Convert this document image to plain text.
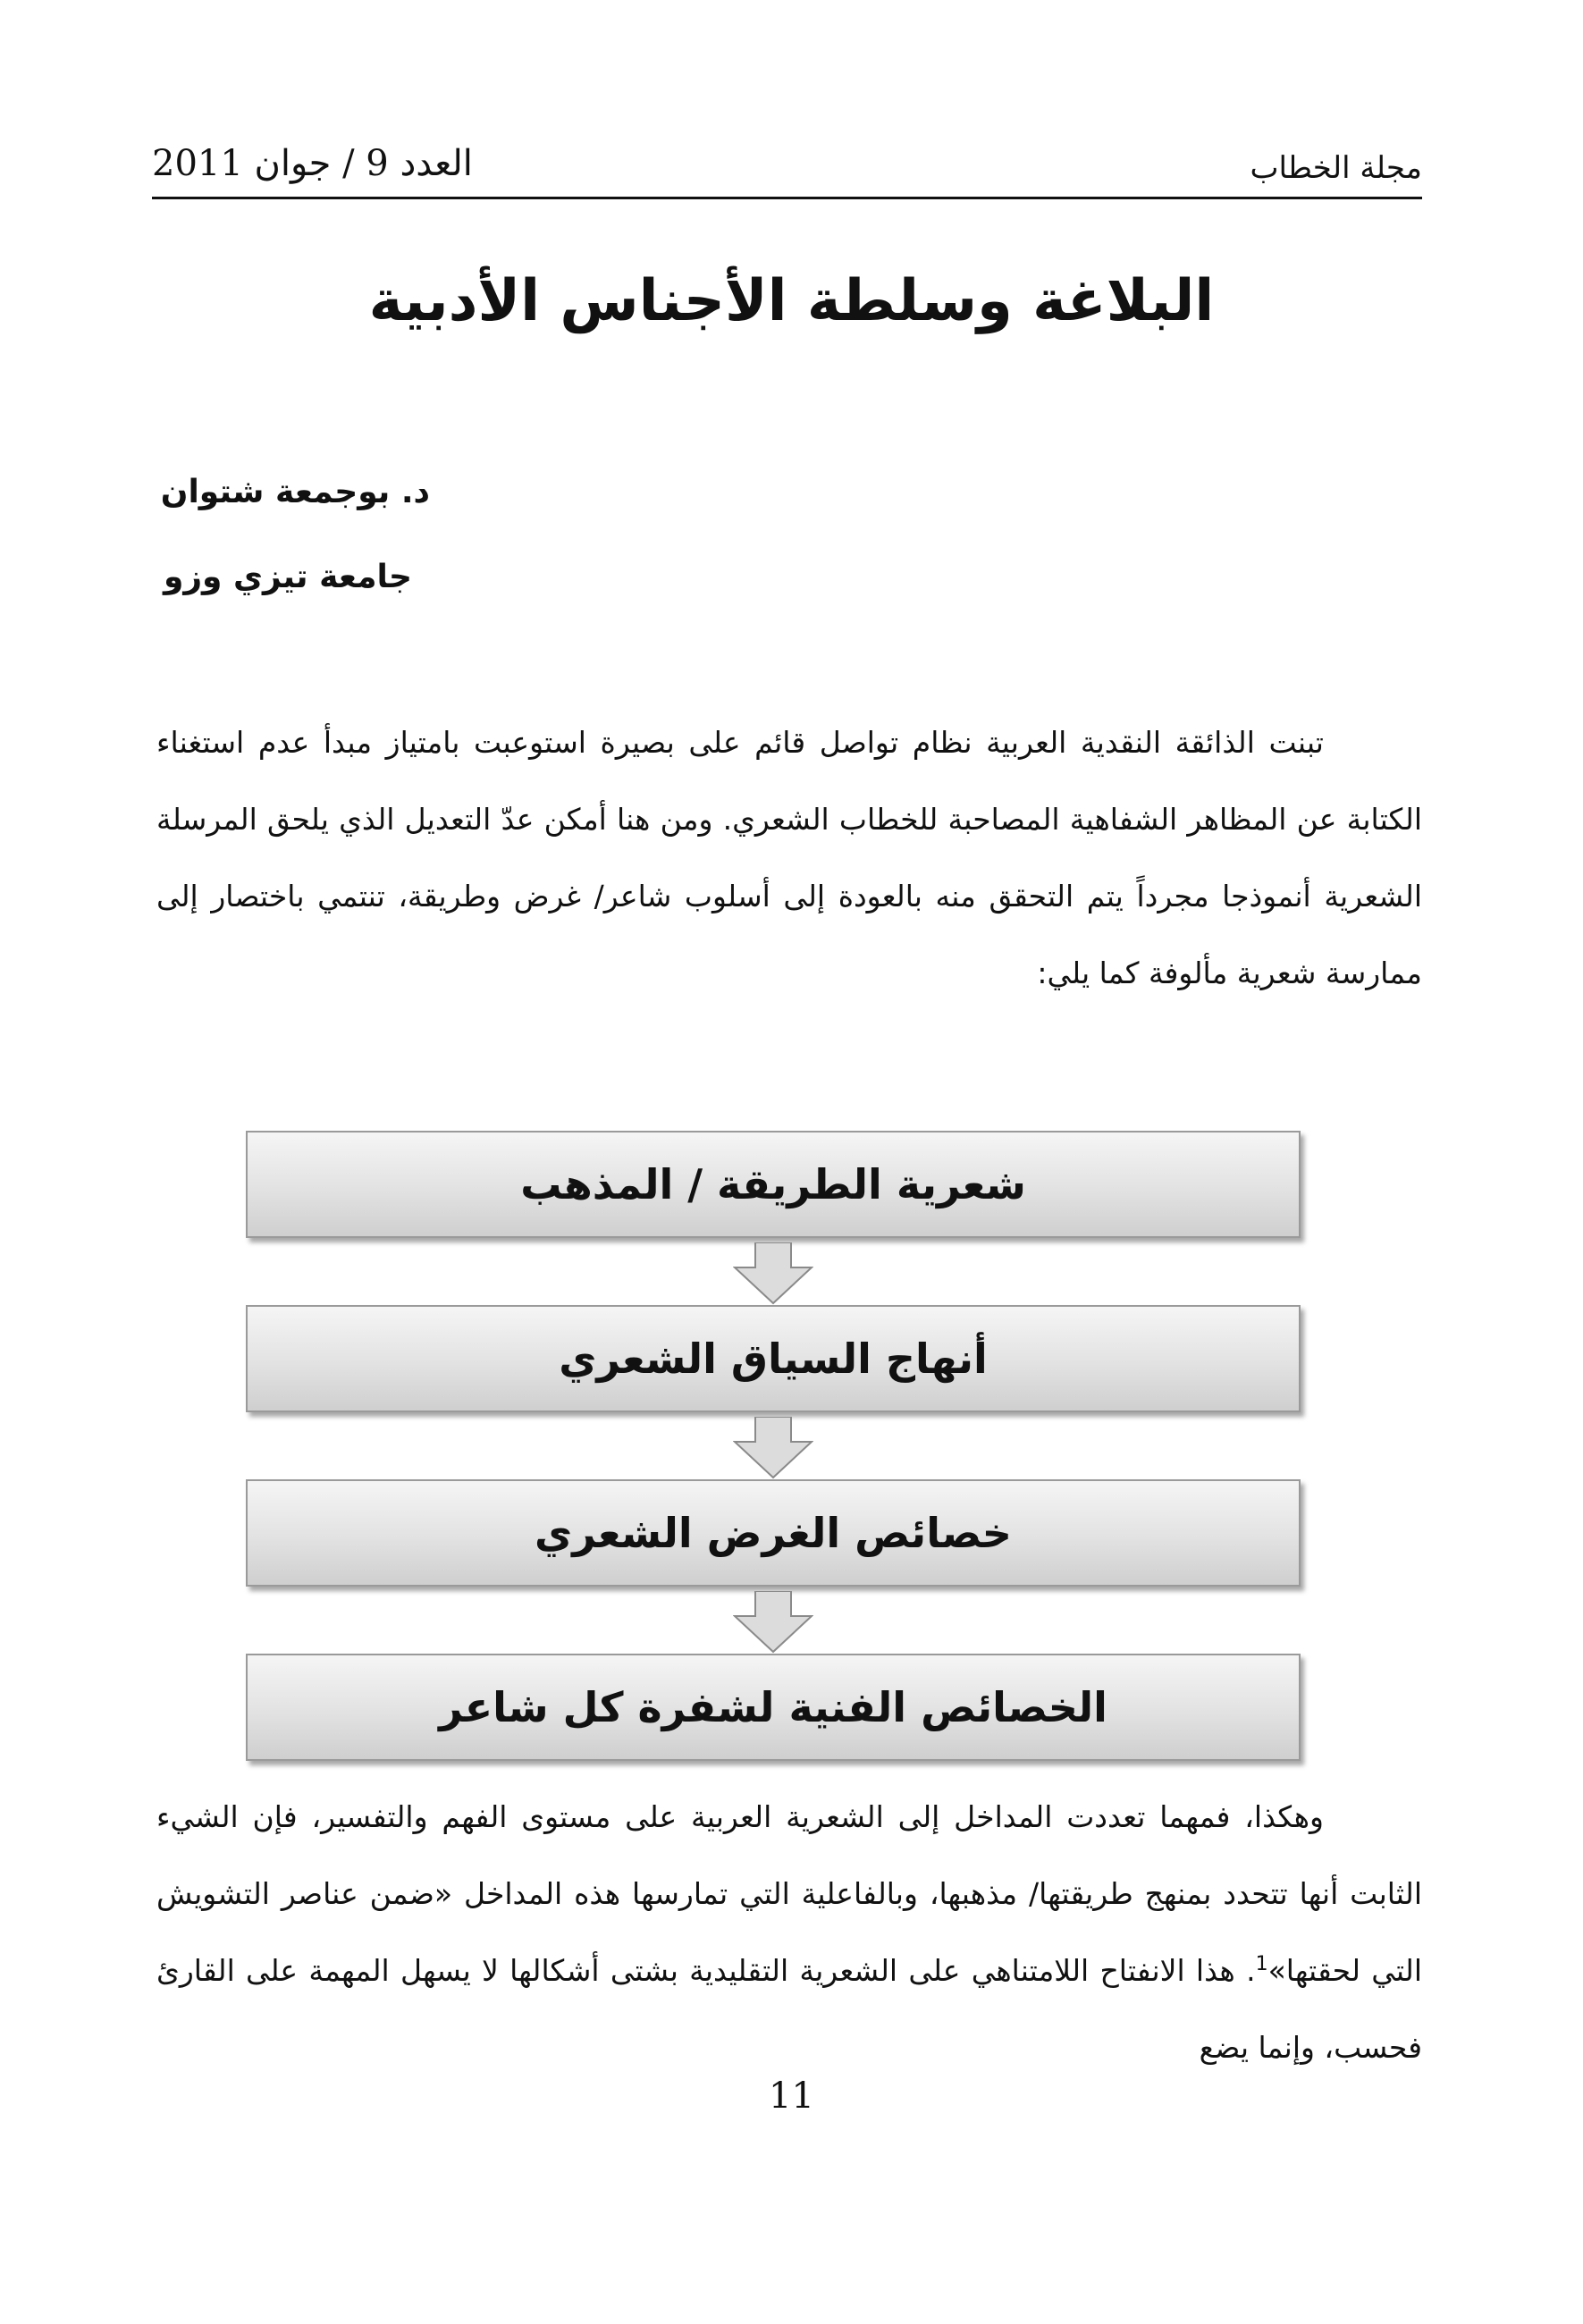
مجلة الخطاب
العدد 9 / جوان 2011
البلاغة وسلطة الأجناس الأدبية
د. بوجمعة شتوان
جامعة تيزي وزو
تبنت الذائقة النقدية العربية نظام تواصل قائم على بصيرة استوعبت بامتياز مبدأ عدم استغناء الكتابة عن المظاهر الشفاهية المصاحبة للخطاب الشعري. ومن هنا أمكن عدّ التعديل الذي يلحق المرسلة الشعرية أنموذجا مجرداً يتم التحقق منه بالعودة إلى أسلوب شاعر/ غرض وطريقة، تنتمي باختصار إلى ممارسة شعرية مألوفة كما يلي:
شعرية الطريقة / المذهب
أنهاج السياق الشعري
خصائص الغرض الشعري
الخصائص الفنية لشفرة كل شاعر
وهكذا، فمهما تعددت المداخل إلى الشعرية العربية على مستوى الفهم والتفسير، فإن الشيء الثابت أنها تتحدد بمنهج طريقتها/ مذهبها، وبالفاعلية التي تمارسها هذه المداخل «ضمن عناصر التشويش التي لحقتها»$^1$. هذا الانفتاح اللامتناهي على الشعرية التقليدية بشتى أشكالها لا يسهل المهمة على القارئ فحسب، وإنما يضع
11
